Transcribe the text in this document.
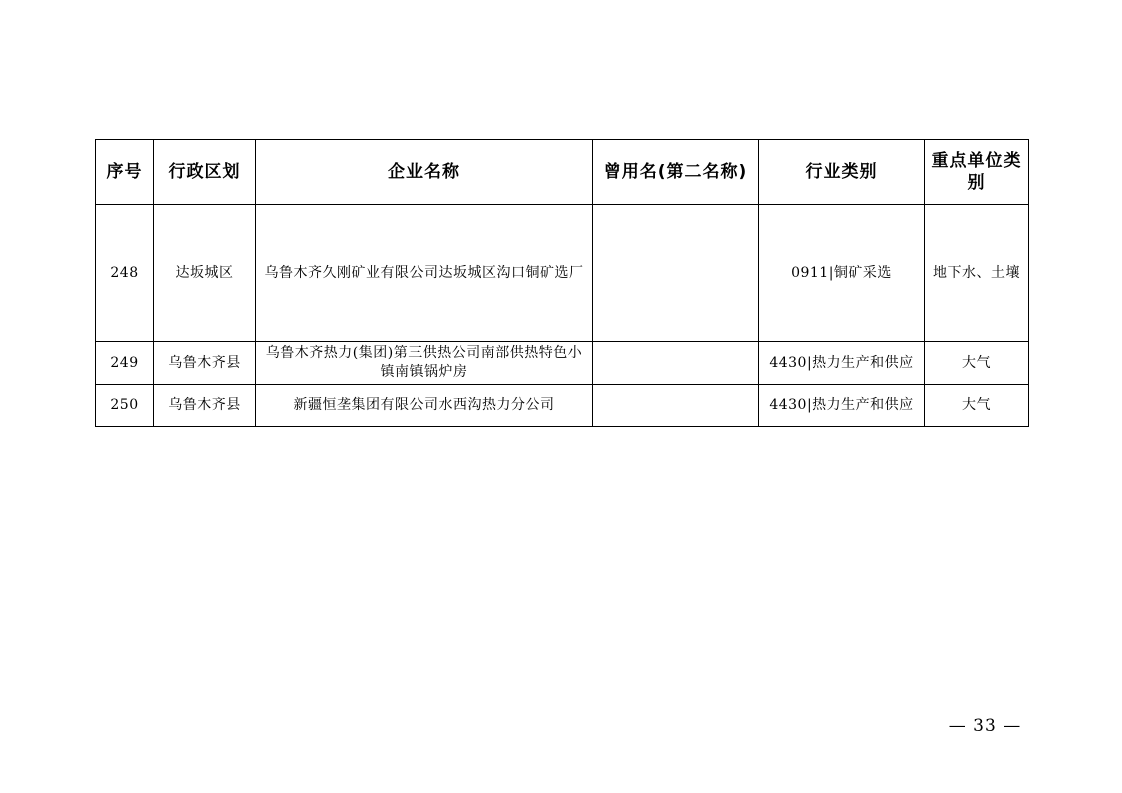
序号	行政区划	企业名称	曾用名(第二名称)	行业类别	重点单位类别
248	达坂城区	乌鲁木齐久刚矿业有限公司达坂城区沟口铜矿选厂		0911|铜矿采选	地下水、土壤
249	乌鲁木齐县	乌鲁木齐热力(集团)第三供热公司南部供热特色小镇南镇锅炉房		4430|热力生产和供应	大气
250	乌鲁木齐县	新疆恒垄集团有限公司水西沟热力分公司		4430|热力生产和供应	大气
— 33 —
